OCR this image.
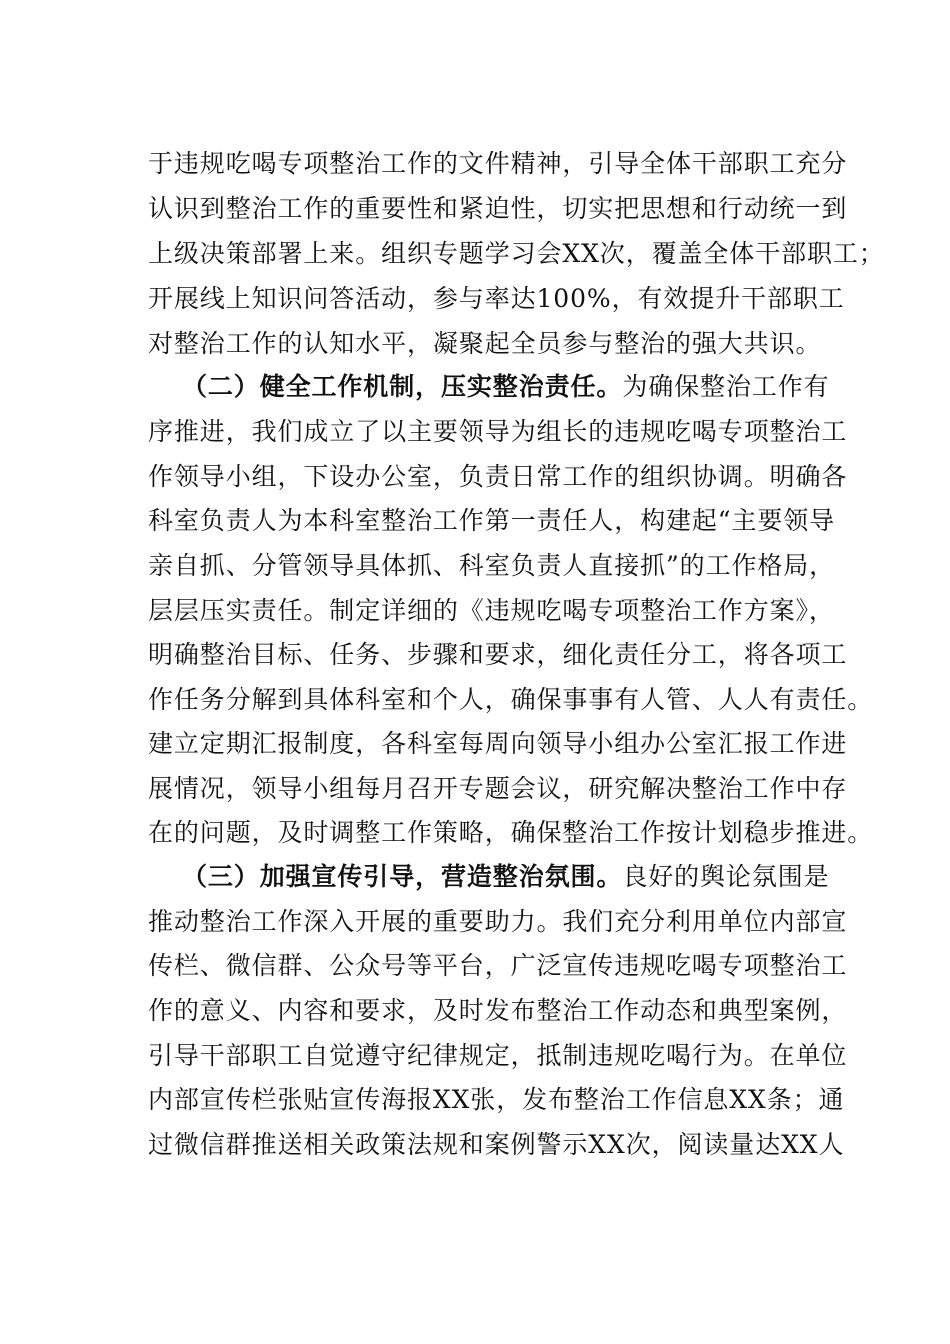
于违规吃喝专项整治工作的文件精神，引导全体干部职工充分
认识到整治工作的重要性和紧迫性，切实把思想和行动统一到
上级决策部署上来。组织专题学习会XX次，覆盖全体干部职工；
开展线上知识问答活动，参与率达100%，有效提升干部职工
对整治工作的认知水平，凝聚起全员参与整治的强大共识。
（二）健全工作机制，压实整治责任。为确保整治工作有
序推进，我们成立了以主要领导为组长的违规吃喝专项整治工
作领导小组，下设办公室，负责日常工作的组织协调。明确各
科室负责人为本科室整治工作第一责任人，构建起“主要领导
亲自抓、分管领导具体抓、科室负责人直接抓”的工作格局，
层层压实责任。制定详细的《违规吃喝专项整治工作方案》，
明确整治目标、任务、步骤和要求，细化责任分工，将各项工
作任务分解到具体科室和个人，确保事事有人管、人人有责任。
建立定期汇报制度，各科室每周向领导小组办公室汇报工作进
展情况，领导小组每月召开专题会议，研究解决整治工作中存
在的问题，及时调整工作策略，确保整治工作按计划稳步推进。
（三）加强宣传引导，营造整治氛围。良好的舆论氛围是
推动整治工作深入开展的重要助力。我们充分利用单位内部宣
传栏、微信群、公众号等平台，广泛宣传违规吃喝专项整治工
作的意义、内容和要求，及时发布整治工作动态和典型案例，
引导干部职工自觉遵守纪律规定，抵制违规吃喝行为。在单位
内部宣传栏张贴宣传海报XX张，发布整治工作信息XX条；通
过微信群推送相关政策法规和案例警示XX次，阅读量达XX人
